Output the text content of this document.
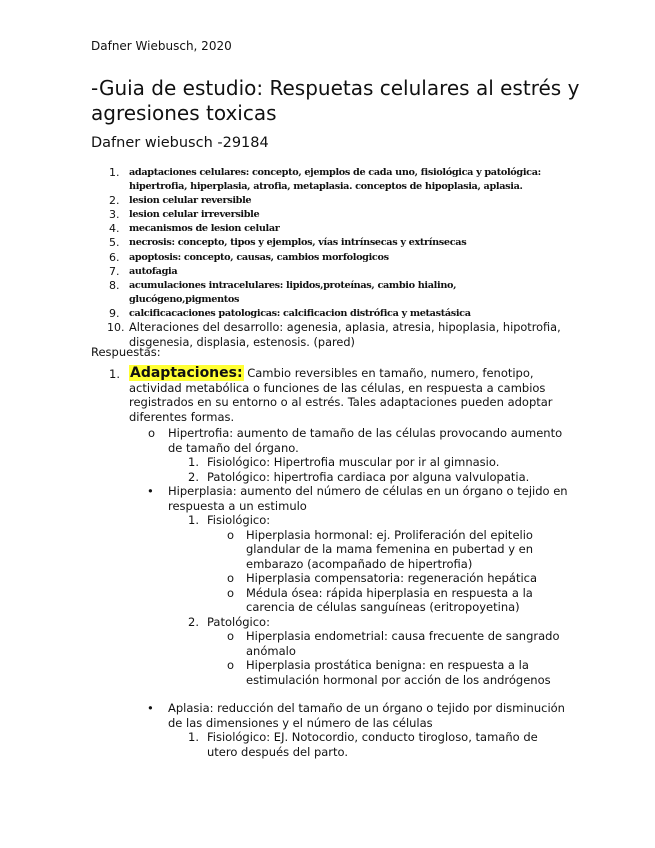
Dafner Wiebusch, 2020
-Guia de estudio: Respuetas celulares al estrés y agresiones toxicas
Dafner wiebusch -29184
1. adaptaciones celulares: concepto, ejemplos de cada uno, fisiológica y patológica: hipertrofia, hiperplasia, atrofia, metaplasia. conceptos de hipoplasia, aplasia.
2. lesion celular reversible
3. lesion celular irreversible
4. mecanismos de lesion celular
5. necrosis: concepto, tipos y ejemplos, vías intrínsecas y extrínsecas
6. apoptosis: concepto, causas, cambios morfologicos
7. autofagia
8. acumulaciones intracelulares: lipidos,proteínas, cambio hialino, glucógeno,pigmentos
9. calcificacaciones patologicas: calcificacion distrófica y metastásica
10. Alteraciones del desarrollo: agenesia, aplasia, atresia, hipoplasia, hipotrofia, disgenesia, displasia, estenosis. (pared)
Respuestas:
1. Adaptaciones: Cambio reversibles en tamaño, numero, fenotipo, actividad metabólica o funciones de las células, en respuesta a cambios registrados en su entorno o al estrés. Tales adaptaciones pueden adoptar diferentes formas.
o Hipertrofia: aumento de tamaño de las células provocando aumento de tamaño del órgano.
1. Fisiológico: Hipertrofia muscular por ir al gimnasio.
2. Patológico: hipertrofia cardiaca por alguna valvulopatia.
• Hiperplasia: aumento del número de células en un órgano o tejido en respuesta a un estimulo
1. Fisiológico:
o Hiperplasia hormonal: ej. Proliferación del epitelio glandular de la mama femenina en pubertad y en embarazo (acompañado de hipertrofia)
o Hiperplasia compensatoria: regeneración hepática
o Médula ósea: rápida hiperplasia en respuesta a la carencia de células sanguíneas (eritropoyetina)
2. Patológico:
o Hiperplasia endometrial: causa frecuente de sangrado anómalo
o Hiperplasia prostática benigna: en respuesta a la estimulación hormonal por acción de los andrógenos
• Aplasia: reducción del tamaño de un órgano o tejido por disminución de las dimensiones y el número de las células
1. Fisiológico: EJ. Notocordio, conducto tirogloso, tamaño de utero después del parto.
